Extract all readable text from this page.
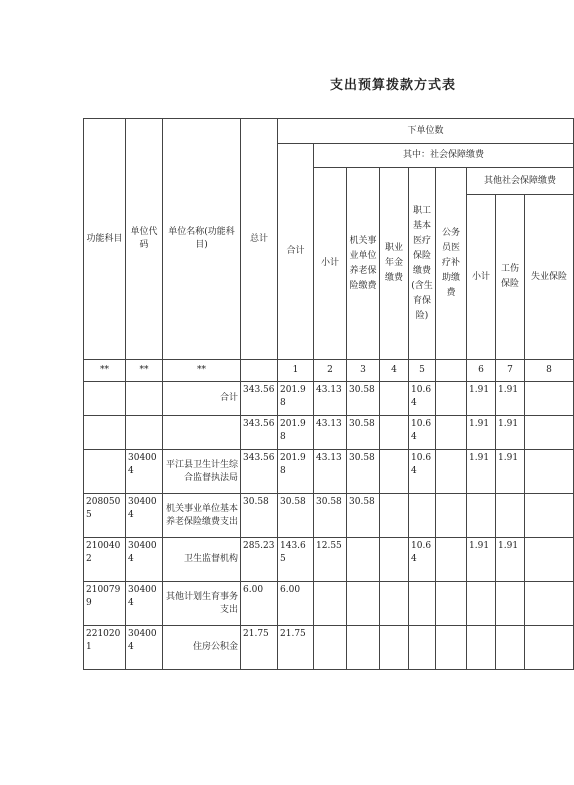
支出预算拨款方式表
功能科目	单位代码	单位名称(功能科目)	总计	下单位数								
				合计	其中：社会保障缴费							
					小计	机关事业单位养老保险缴费	职业年金缴费	职工基本医疗保险缴费(含生育保险)	公务员医疗补助缴费	其他社会保障缴费		
										小计	工伤保险	失业保险
**	**	**		1	2	3	4	5		6	7	8
		合计	343.56	201.98	43.13	30.58		10.64		1.91	1.91	
			343.56	201.98	43.13	30.58		10.64		1.91	1.91	
	304004	平江县卫生计生综合监督执法局	343.56	201.98	43.13	30.58		10.64		1.91	1.91	
2080505	304004	机关事业单位基本养老保险缴费支出	30.58	30.58	30.58	30.58						
2100402	304004	卫生监督机构	285.23	143.65	12.55			10.64		1.91	1.91	
2100799	304004	其他计划生育事务支出	6.00	6.00								
2210201	304004	住房公积金	21.75	21.75								
